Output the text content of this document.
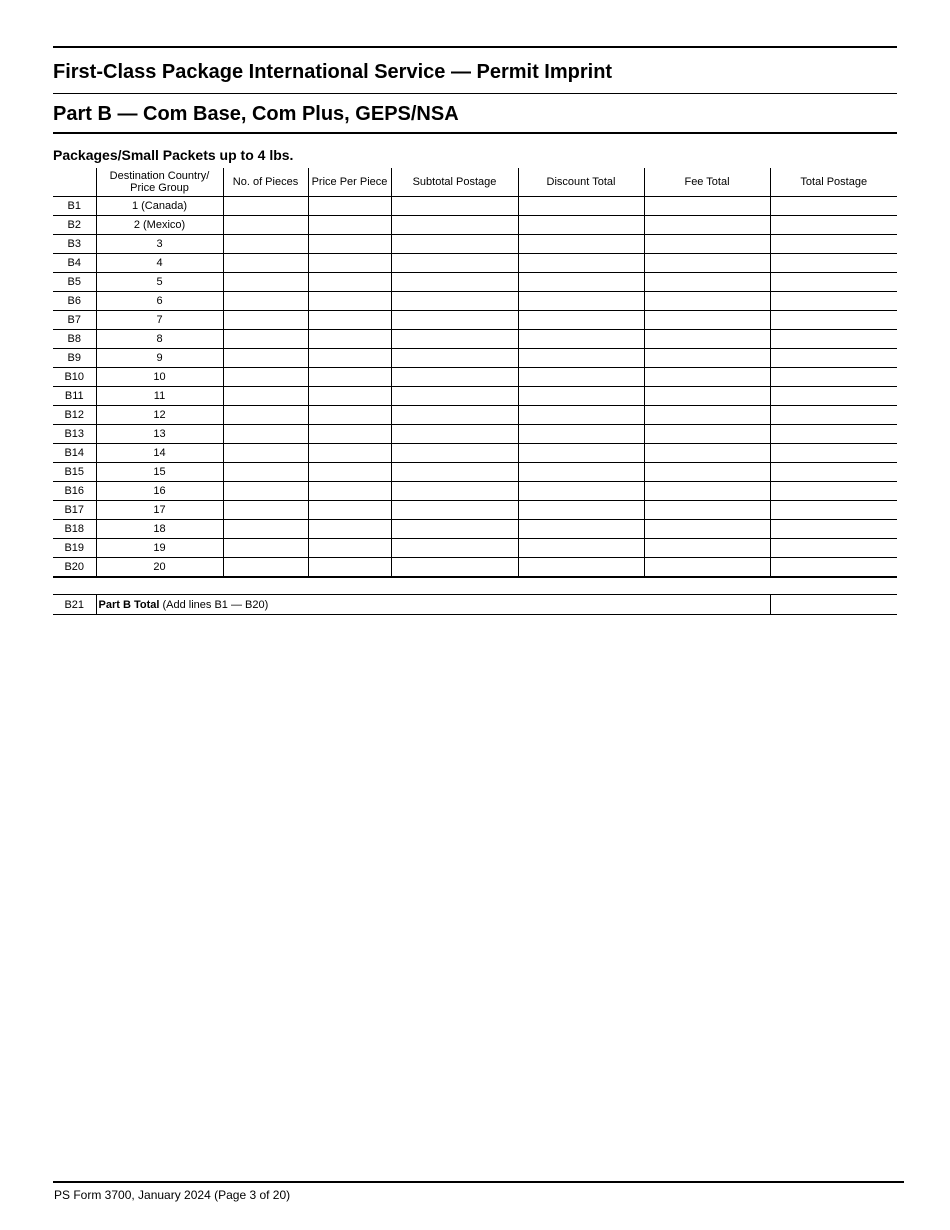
First-Class Package International Service — Permit Imprint
Part B — Com Base, Com Plus, GEPS/NSA
Packages/Small Packets up to 4 lbs.
	Destination Country/ Price Group	No. of Pieces	Price Per Piece	Subtotal Postage	Discount Total	Fee Total	Total Postage
B1	1 (Canada)						
B2	2 (Mexico)						
B3	3						
B4	4						
B5	5						
B6	6						
B7	7						
B8	8						
B9	9						
B10	10						
B11	11						
B12	12						
B13	13						
B14	14						
B15	15						
B16	16						
B17	17						
B18	18						
B19	19						
B20	20						
B21	Part B Total (Add lines B1 — B20)	
PS Form 3700, January 2024 (Page 3 of 20)
